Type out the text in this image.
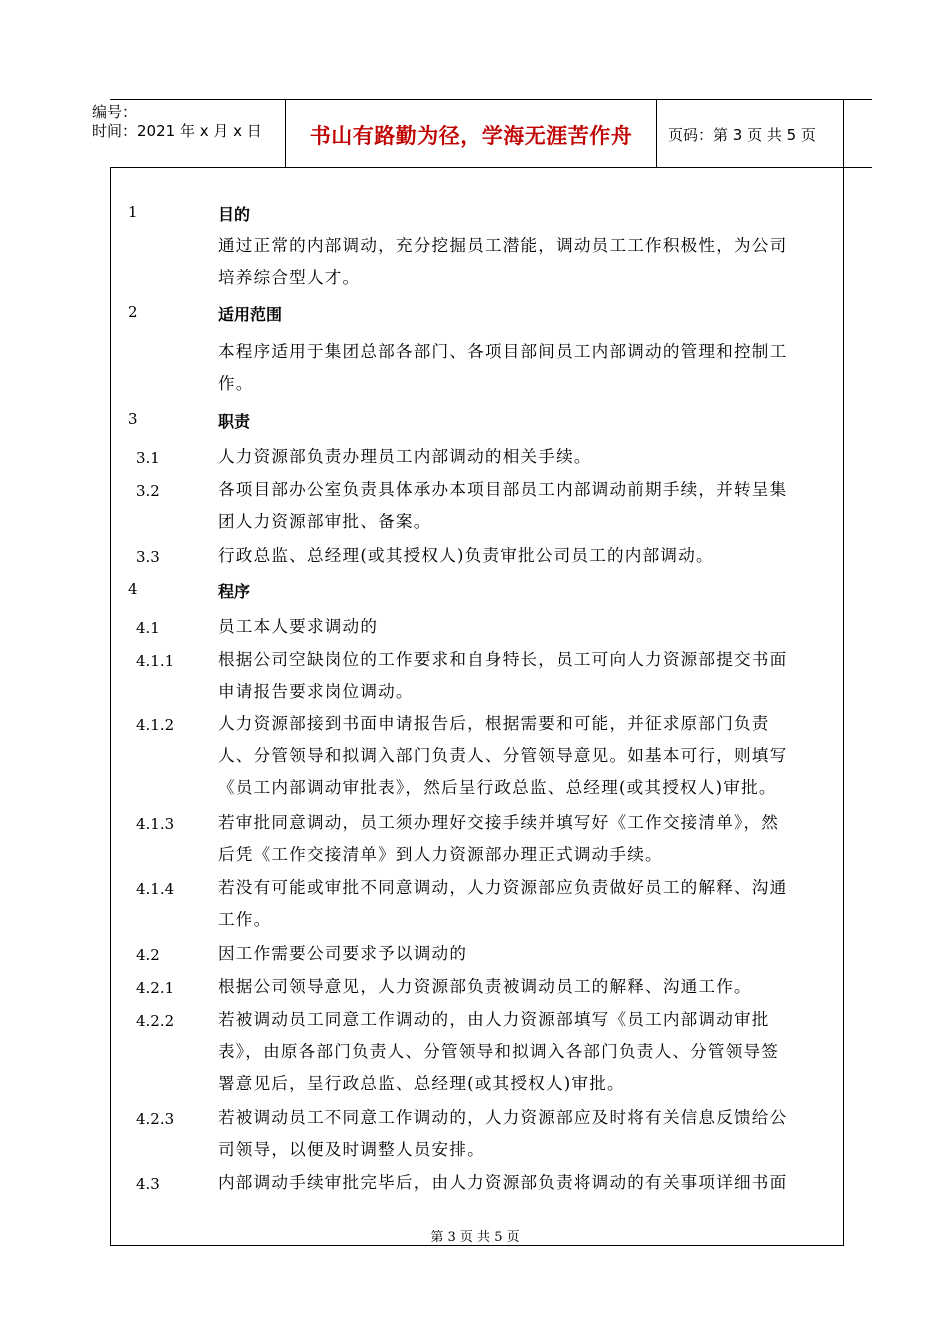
编号：
时间：2021 年 x 月 x 日	书山有路勤为径，学海无涯苦作舟	页码：第 3 页 共 5 页
1	目的
通过正常的内部调动，充分挖掘员工潜能，调动员工工作积极性，为公司
培养综合型人才。
2	适用范围
本程序适用于集团总部各部门、各项目部间员工内部调动的管理和控制工
作。
3	职责
3.1	人力资源部负责办理员工内部调动的相关手续。
3.2	各项目部办公室负责具体承办本项目部员工内部调动前期手续，并转呈集
团人力资源部审批、备案。
3.3	行政总监、总经理(或其授权人)负责审批公司员工的内部调动。
4	程序
4.1	员工本人要求调动的
4.1.1	根据公司空缺岗位的工作要求和自身特长，员工可向人力资源部提交书面
申请报告要求岗位调动。
4.1.2	人力资源部接到书面申请报告后，根据需要和可能，并征求原部门负责
人、分管领导和拟调入部门负责人、分管领导意见。如基本可行，则填写
《员工内部调动审批表》，然后呈行政总监、总经理(或其授权人)审批。
4.1.3	若审批同意调动，员工须办理好交接手续并填写好《工作交接清单》，然
后凭《工作交接清单》到人力资源部办理正式调动手续。
4.1.4	若没有可能或审批不同意调动，人力资源部应负责做好员工的解释、沟通
工作。
4.2	因工作需要公司要求予以调动的
4.2.1	根据公司领导意见，人力资源部负责被调动员工的解释、沟通工作。
4.2.2	若被调动员工同意工作调动的，由人力资源部填写《员工内部调动审批
表》，由原各部门负责人、分管领导和拟调入各部门负责人、分管领导签
署意见后，呈行政总监、总经理(或其授权人)审批。
4.2.3	若被调动员工不同意工作调动的，人力资源部应及时将有关信息反馈给公
司领导，以便及时调整人员安排。
4.3	内部调动手续审批完毕后，由人力资源部负责将调动的有关事项详细书面
第 3 页 共 5 页
